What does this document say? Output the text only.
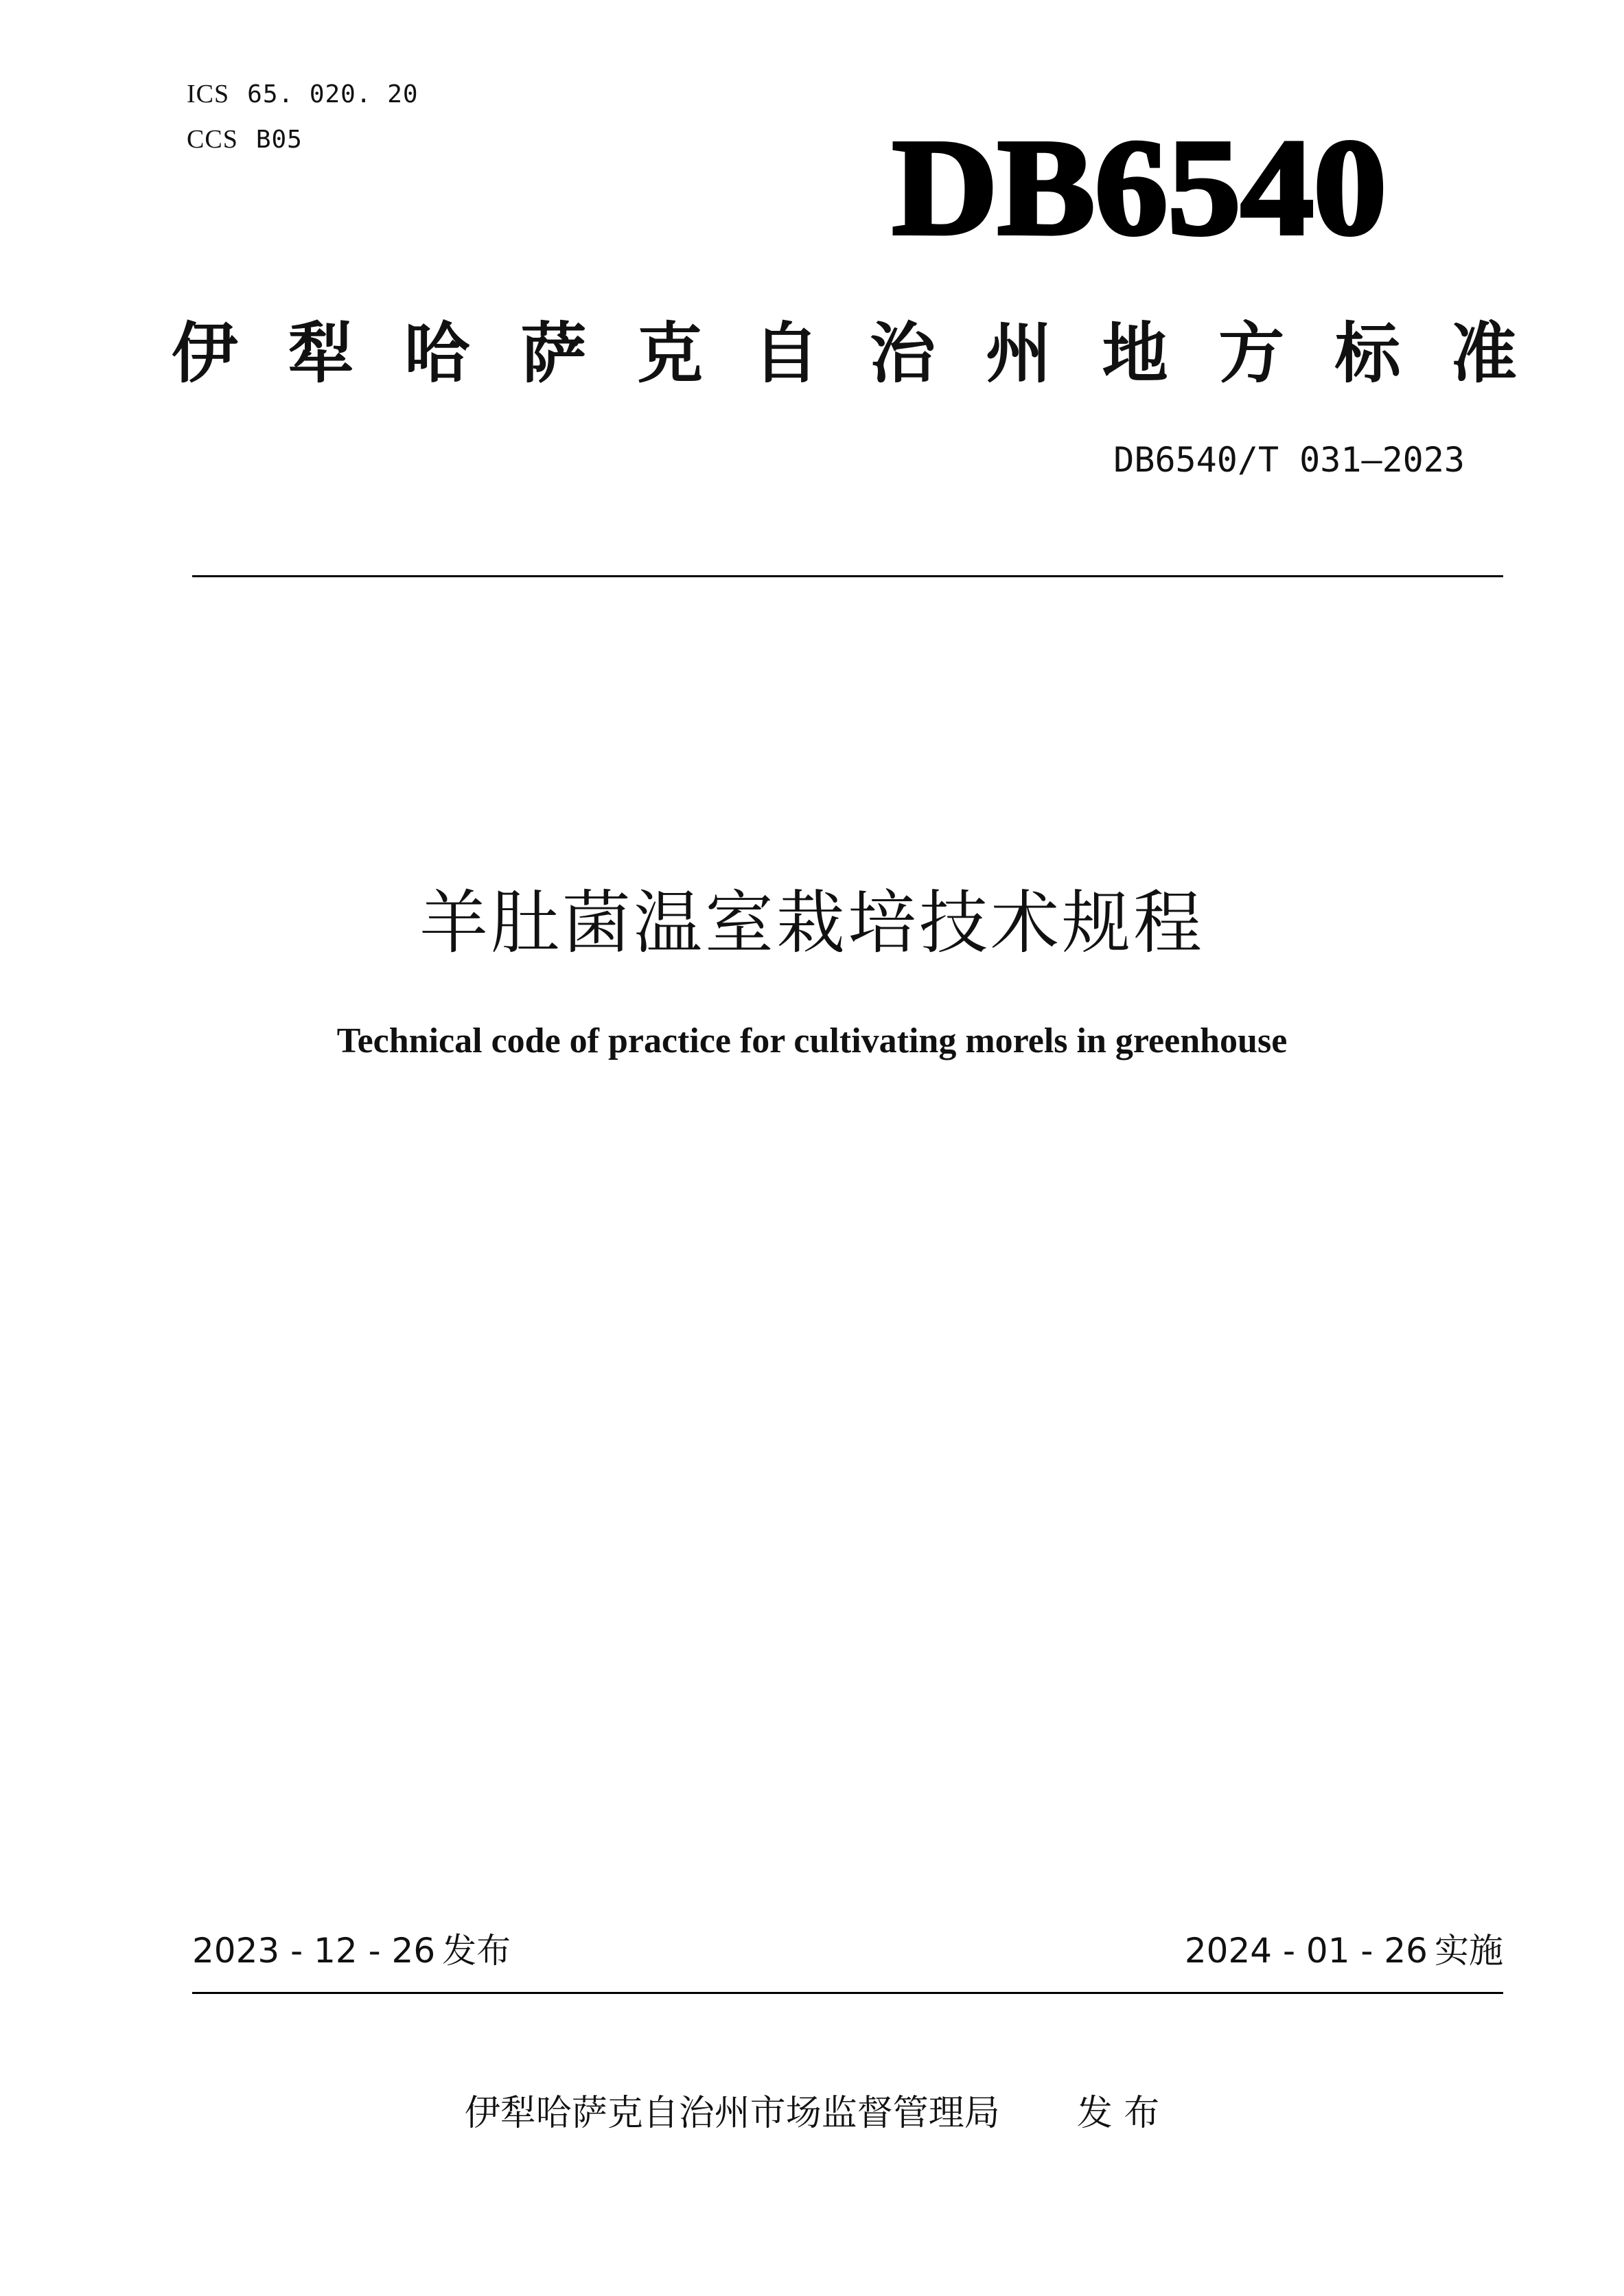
ICS 65. 020. 20
CCS B05	DB6540
伊 犁 哈 萨 克 自 治 州 地 方 标 准
DB6540/T 031—2023
羊肚菌温室栽培技术规程
Technical code of practice for cultivating morels in greenhouse
2023 - 12 - 26 发布	2024 - 01 - 26 实施
伊犁哈萨克自治州市场监督管理局 发 布
